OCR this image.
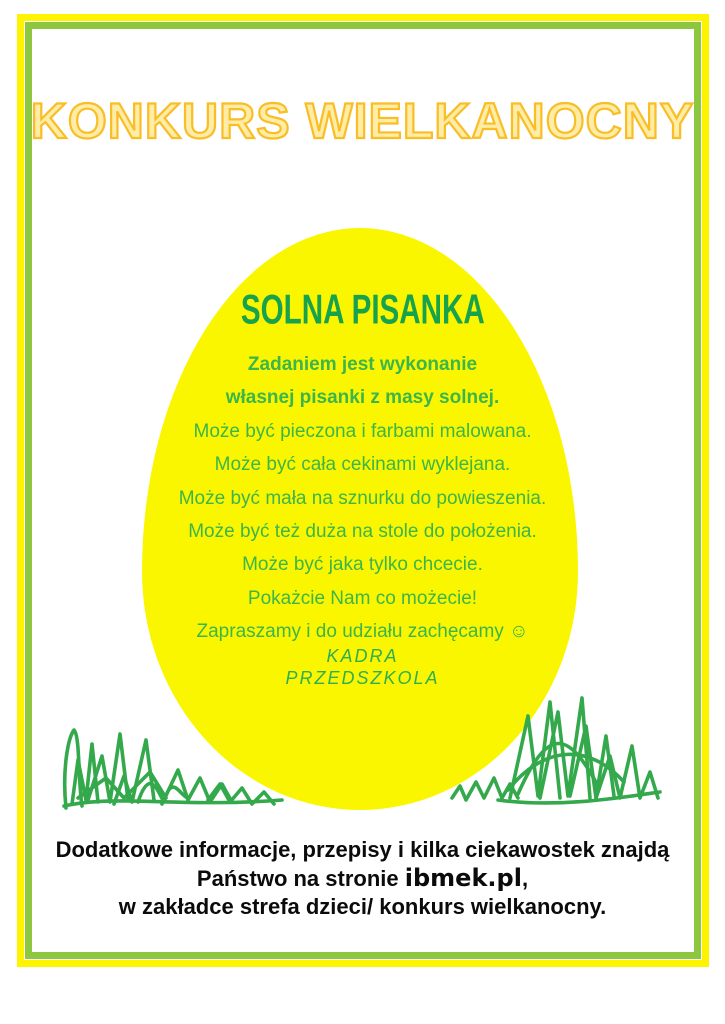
KONKURS WIELKANOCNY
SOLNA PISANKA
Zadaniem jest wykonanie
własnej pisanki z masy solnej.
Może być pieczona i farbami malowana.
Może być cała cekinami wyklejana.
Może być mała na sznurku do powieszenia.
Może być też duża na stole do położenia.
Może być jaka tylko chcecie.
Pokażcie Nam co możecie!
Zapraszamy i do udziału zachęcamy ☺
KADRA
PRZEDSZKOLA
Dodatkowe informacje, przepisy i kilka ciekawostek znajdą
Państwo na stronie ibmek.pl,
w zakładce strefa dzieci/ konkurs wielkanocny.
